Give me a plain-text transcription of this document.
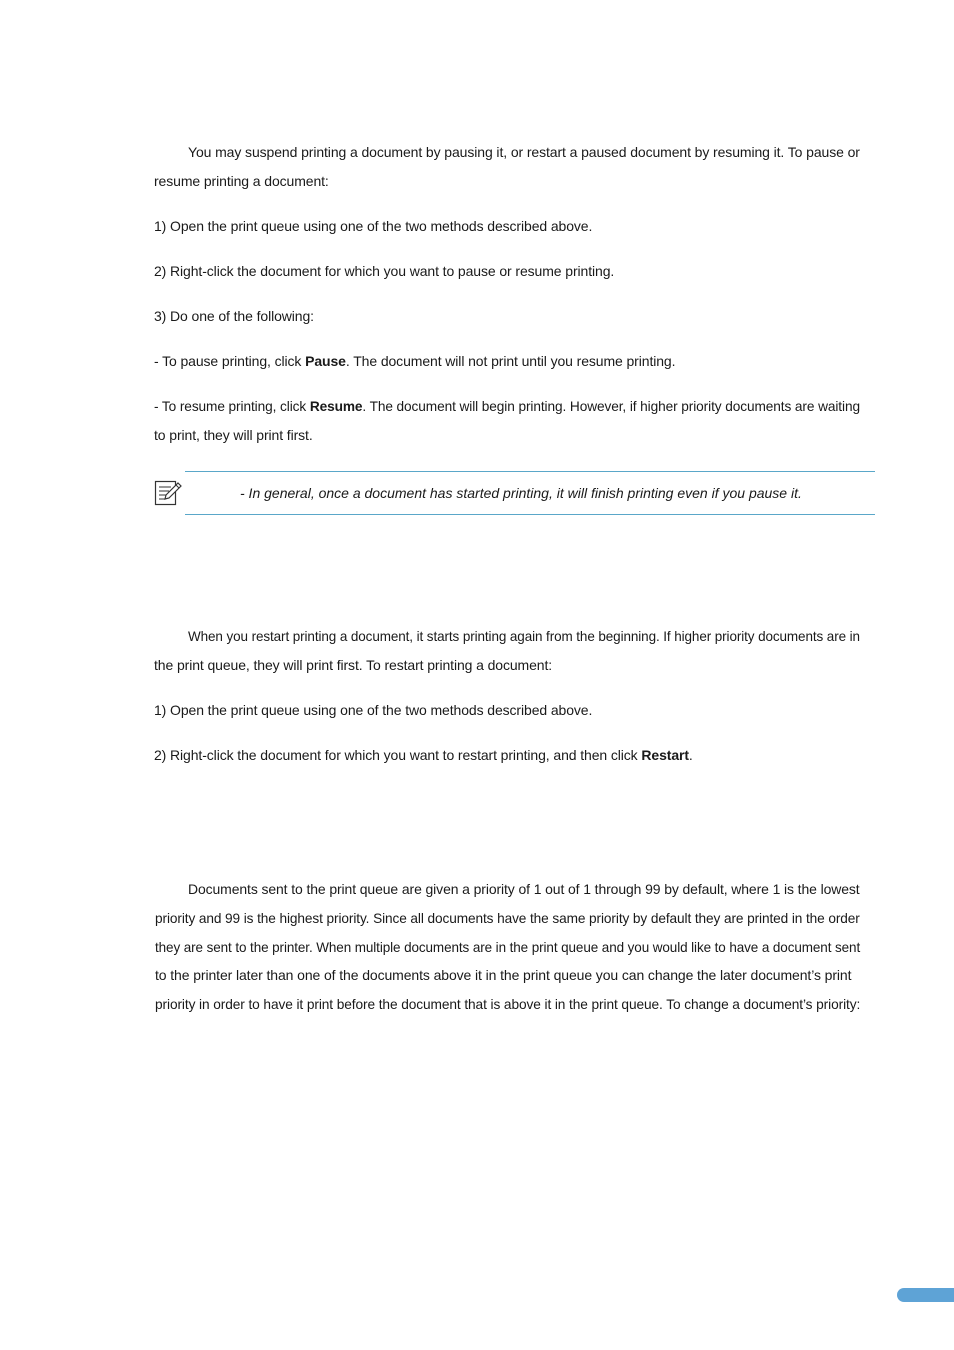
You may suspend printing a document by pausing it, or restart a paused document by resuming it. To pause or
resume printing a document:
1) Open the print queue using one of the two methods described above.
2) Right-click the document for which you want to pause or resume printing.
3) Do one of the following:
- To pause printing, click Pause. The document will not print until you resume printing.
- To resume printing, click Resume. The document will begin printing. However, if higher priority documents are waiting
to print, they will print first.
- In general, once a document has started printing, it will finish printing even if you pause it.
When you restart printing a document, it starts printing again from the beginning. If higher priority documents are in
the print queue, they will print first. To restart printing a document:
1) Open the print queue using one of the two methods described above.
2) Right-click the document for which you want to restart printing, and then click Restart.
Documents sent to the print queue are given a priority of 1 out of 1 through 99 by default, where 1 is the lowest
priority and 99 is the highest priority. Since all documents have the same priority by default they are printed in the order
they are sent to the printer. When multiple documents are in the print queue and you would like to have a document sent
to the printer later than one of the documents above it in the print queue you can change the later document’s print
priority in order to have it print before the document that is above it in the print queue. To change a document’s priority:
